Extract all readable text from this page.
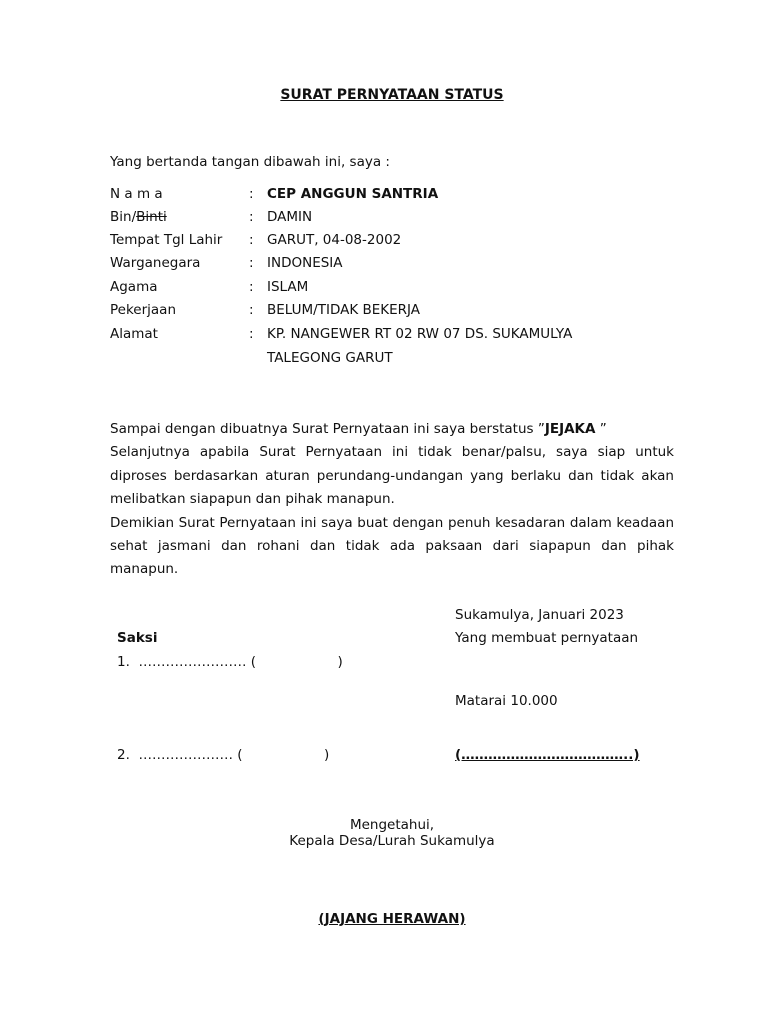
SURAT PERNYATAAN STATUS
Yang bertanda tangan dibawah ini, saya :
N a m a	: CEP ANGGUN SANTRIA
Bin/Binti	: DAMIN
Tempat Tgl Lahir	: GARUT, 04-08-2002
Warganegara	: INDONESIA
Agama	: ISLAM
Pekerjaan	: BELUM/TIDAK BEKERJA
Alamat	: KP. NANGEWER RT 02 RW 07 DS. SUKAMULYA
TALEGONG GARUT

Sampai dengan dibuatnya Surat Pernyataan ini saya berstatus ”JEJAKA ”

Selanjutnya apabila Surat Pernyataan ini tidak benar/palsu, saya siap untuk diproses berdasarkan aturan perundang-undangan yang berlaku dan tidak akan melibatkan siapapun dan pihak manapun.

Demikian Surat Pernyataan ini saya buat dengan penuh kesadaran dalam keadaan sehat jasmani dan rohani dan tidak ada paksaan dari siapapun dan pihak manapun.

Sukamulya, Januari 2023
Saksi	Yang membuat pernyataan
1.  …………………… (                   )
Matarai 10.000
2.  ………………… (                   )	(………………………………..)
Mengetahui,
Kepala Desa/Lurah Sukamulya
(JAJANG HERAWAN)
